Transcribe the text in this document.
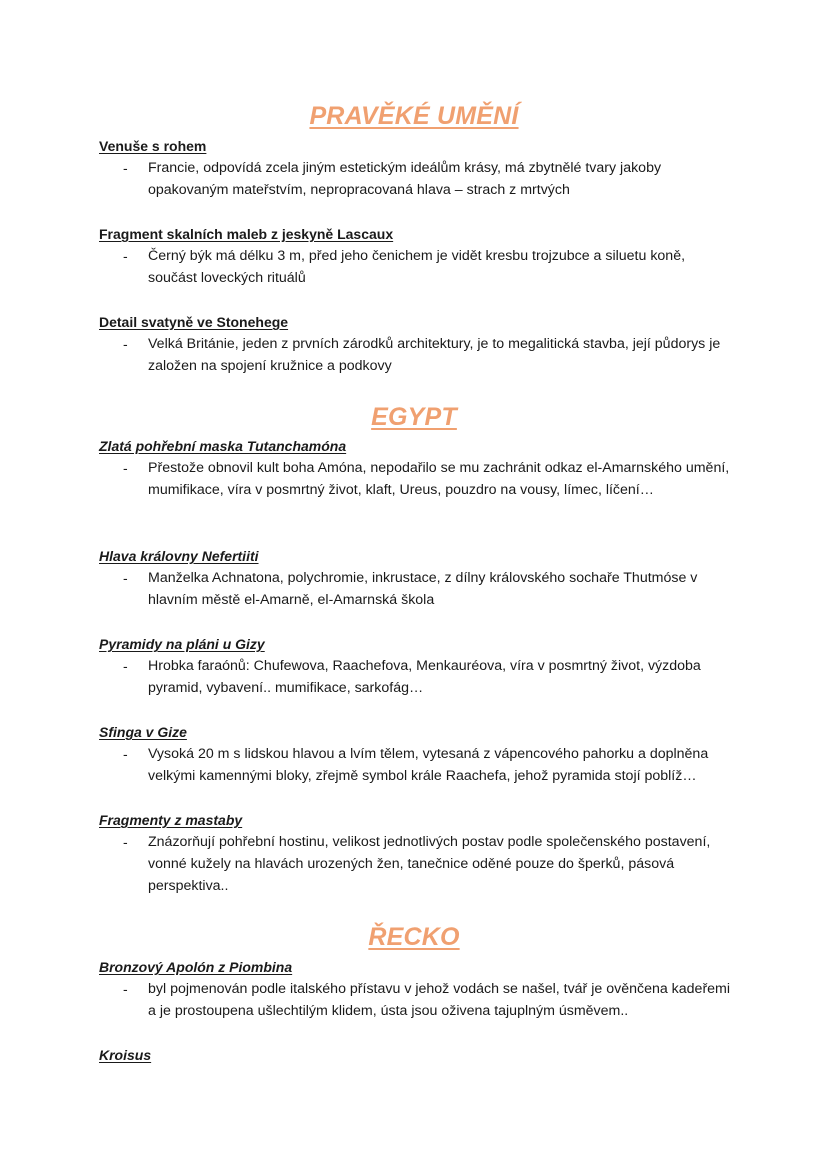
PRAVĚKÉ UMĚNÍ
Venuše s rohem
- Francie, odpovídá zcela jiným estetickým ideálům krásy, má zbytnělé tvary jakoby opakovaným mateřstvím, nepropracovaná hlava – strach z mrtvých
Fragment skalních maleb z jeskyně Lascaux
- Černý býk má délku 3 m, před jeho čenichem je vidět kresbu trojzubce a siluetu koně, součást loveckých rituálů
Detail svatyně ve Stonehege
- Velká Británie, jeden z prvních zárodků architektury, je to megalitická stavba, její půdorys je založen na spojení kružnice a podkovy
EGYPT
Zlatá pohřební maska Tutanchamóna
- Přestože obnovil kult boha Amóna, nepodařilo se mu zachránit odkaz el-Amarnského umění, mumifikace, víra v posmrtný život, klaft, Ureus, pouzdro na vousy, límec, líčení…
Hlava královny Nefertiiti
- Manželka Achnatona, polychromie, inkrustace, z dílny královského sochaře Thutmóse v hlavním městě el-Amarně, el-Amarnská škola
Pyramidy na pláni u Gizy
- Hrobka faraónů: Chufewova, Raachefova, Menkauréova, víra v posmrtný život, výzdoba pyramid, vybavení.. mumifikace, sarkofág…
Sfinga v Gize
- Vysoká 20 m s lidskou hlavou a lvím tělem, vytesaná z vápencového pahorku a doplněna velkými kamennými bloky, zřejmě symbol krále Raachefa, jehož pyramida stojí poblíž…
Fragmenty z mastaby
- Znázorňují pohřební hostinu, velikost jednotlivých postav podle společenského postavení, vonné kužely na hlavách urozených žen, tanečnice oděné pouze do šperků, pásová perspektiva..
ŘECKO
Bronzový Apolón z Piombina
- byl pojmenován podle italského přístavu v jehož vodách se našel, tvář je ověnčena kadeřemi a je prostoupena ušlechtilým klidem, ústa jsou oživena tajuplným úsměvem..
Kroisus
